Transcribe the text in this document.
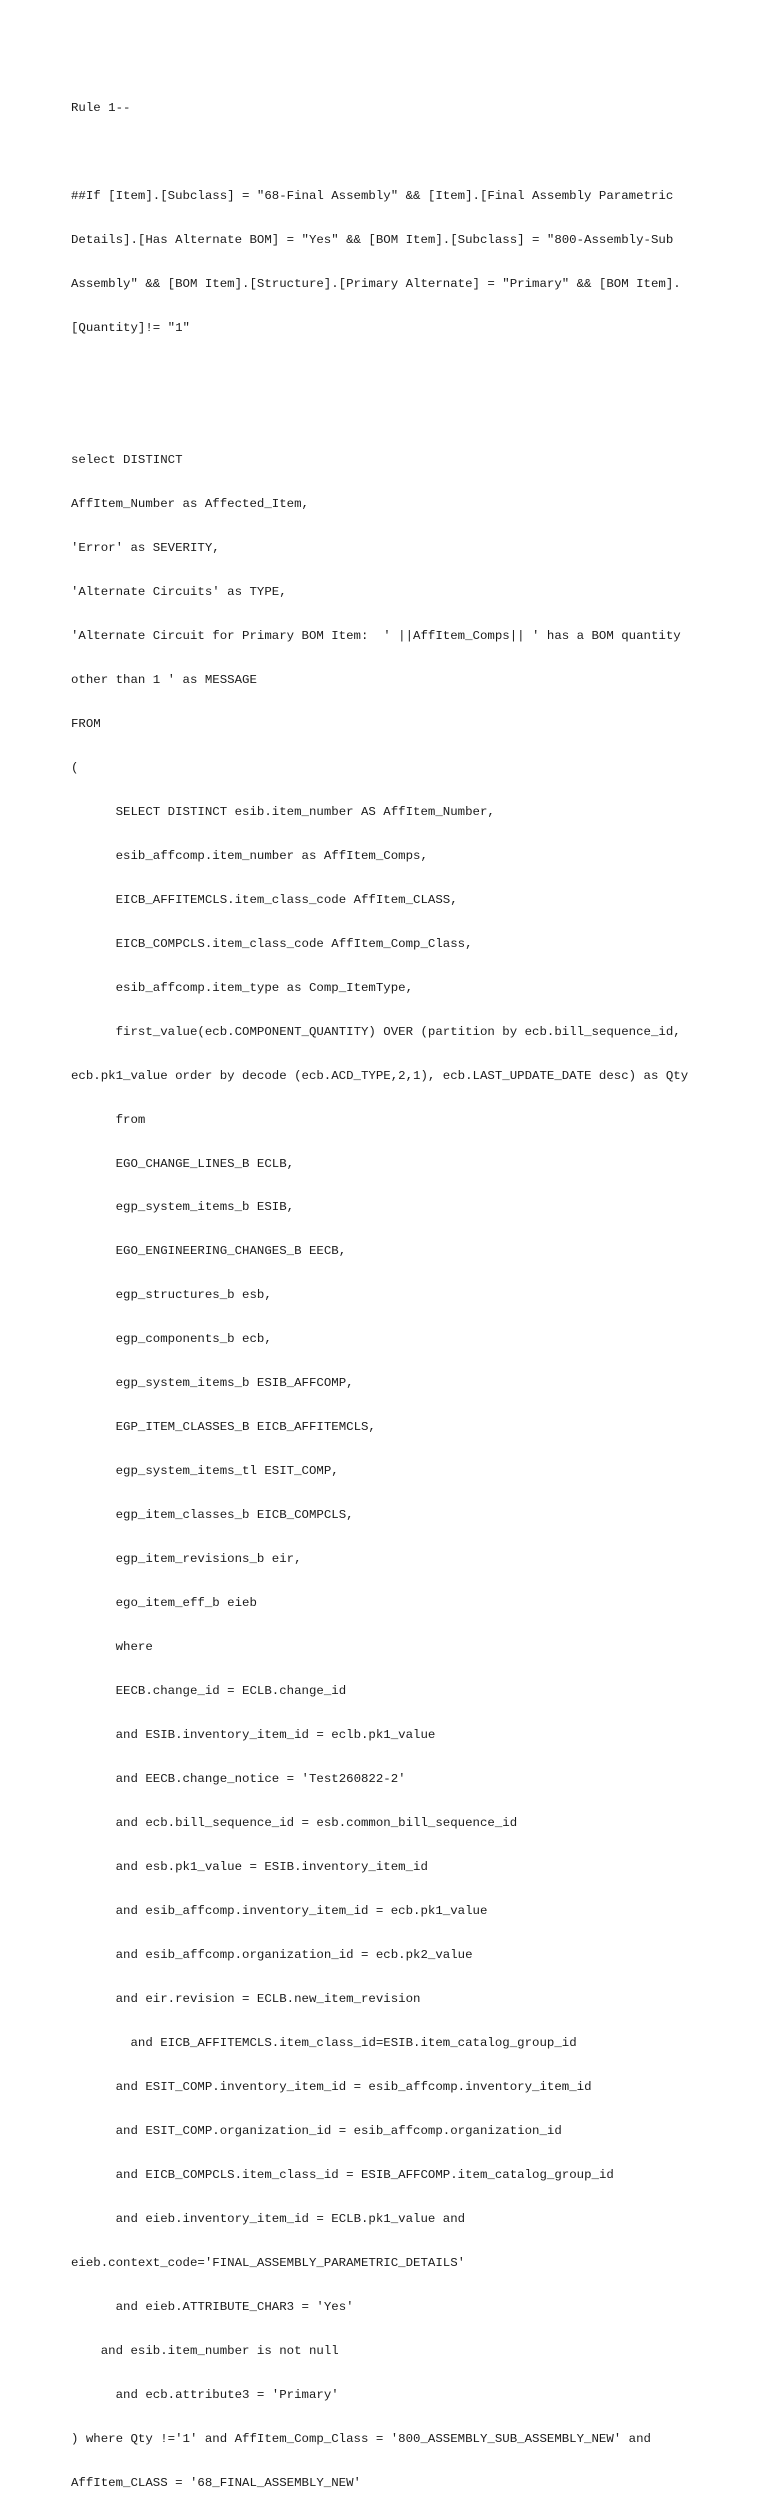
Rule 1--

##If [Item].[Subclass] = "68-Final Assembly" && [Item].[Final Assembly Parametric

Details].[Has Alternate BOM] = "Yes" && [BOM Item].[Subclass] = "800-Assembly-Sub

Assembly" && [BOM Item].[Structure].[Primary Alternate] = "Primary" && [BOM Item].

[Quantity]!= "1"

select DISTINCT

AffItem_Number as Affected_Item,

'Error' as SEVERITY,

'Alternate Circuits' as TYPE,

'Alternate Circuit for Primary BOM Item:  ' ||AffItem_Comps|| ' has a BOM quantity

other than 1 ' as MESSAGE

FROM

(

SELECT DISTINCT esib.item_number AS AffItem_Number,

esib_affcomp.item_number as AffItem_Comps,

EICB_AFFITEMCLS.item_class_code AffItem_CLASS,

EICB_COMPCLS.item_class_code AffItem_Comp_Class,

esib_affcomp.item_type as Comp_ItemType,

first_value(ecb.COMPONENT_QUANTITY) OVER (partition by ecb.bill_sequence_id,

ecb.pk1_value order by decode (ecb.ACD_TYPE,2,1), ecb.LAST_UPDATE_DATE desc) as Qty

from

EGO_CHANGE_LINES_B ECLB,

egp_system_items_b ESIB,

EGO_ENGINEERING_CHANGES_B EECB,

egp_structures_b esb,

egp_components_b ecb,

egp_system_items_b ESIB_AFFCOMP,

EGP_ITEM_CLASSES_B EICB_AFFITEMCLS,

egp_system_items_tl ESIT_COMP,

egp_item_classes_b EICB_COMPCLS,

egp_item_revisions_b eir,

ego_item_eff_b eieb

where

EECB.change_id = ECLB.change_id

and ESIB.inventory_item_id = eclb.pk1_value

and EECB.change_notice = 'Test260822-2'

and ecb.bill_sequence_id = esb.common_bill_sequence_id

and esb.pk1_value = ESIB.inventory_item_id

and esib_affcomp.inventory_item_id = ecb.pk1_value

and esib_affcomp.organization_id = ecb.pk2_value

and eir.revision = ECLB.new_item_revision

and EICB_AFFITEMCLS.item_class_id=ESIB.item_catalog_group_id

and ESIT_COMP.inventory_item_id = esib_affcomp.inventory_item_id

and ESIT_COMP.organization_id = esib_affcomp.organization_id

and EICB_COMPCLS.item_class_id = ESIB_AFFCOMP.item_catalog_group_id

and eieb.inventory_item_id = ECLB.pk1_value and

eieb.context_code='FINAL_ASSEMBLY_PARAMETRIC_DETAILS'

and eieb.ATTRIBUTE_CHAR3 = 'Yes'

and esib.item_number is not null

and ecb.attribute3 = 'Primary'

) where Qty !='1' and AffItem_Comp_Class = '800_ASSEMBLY_SUB_ASSEMBLY_NEW' and

AffItem_CLASS = '68_FINAL_ASSEMBLY_NEW'
